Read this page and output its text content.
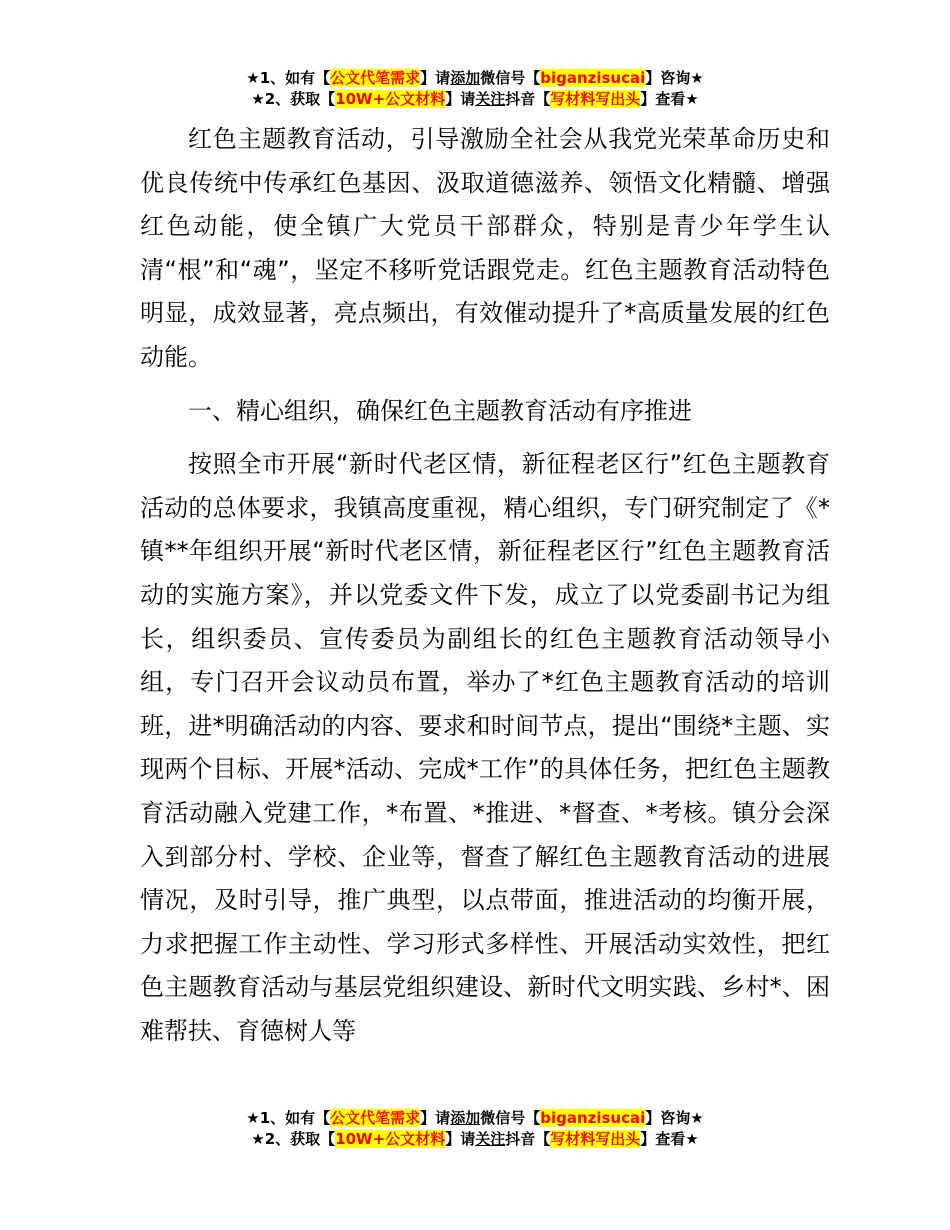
★1、如有【公文代笔需求】请添加微信号【biganzisucai】咨询★
★2、获取【10W+公文材料】请关注抖音【写材料写出头】查看★

红色主题教育活动，引导激励全社会从我党光荣革命历史和优良传统中传承红色基因、汲取道德滋养、领悟文化精髓、增强红色动能，使全镇广大党员干部群众，特别是青少年学生认清“根”和“魂”，坚定不移听党话跟党走。红色主题教育活动特色明显，成效显著，亮点频出，有效催动提升了*高质量发展的红色动能。

一、精心组织，确保红色主题教育活动有序推进

按照全市开展“新时代老区情，新征程老区行”红色主题教育活动的总体要求，我镇高度重视，精心组织，专门研究制定了《*镇**年组织开展“新时代老区情，新征程老区行”红色主题教育活动的实施方案》，并以党委文件下发，成立了以党委副书记为组长，组织委员、宣传委员为副组长的红色主题教育活动领导小组，专门召开会议动员布置，举办了*红色主题教育活动的培训班，进*明确活动的内容、要求和时间节点，提出“围绕*主题、实现两个目标、开展*活动、完成*工作”的具体任务，把红色主题教育活动融入党建工作，*布置、*推进、*督查、*考核。镇分会深入到部分村、学校、企业等，督查了解红色主题教育活动的进展情况，及时引导，推广典型，以点带面，推进活动的均衡开展，力求把握工作主动性、学习形式多样性、开展活动实效性，把红色主题教育活动与基层党组织建设、新时代文明实践、乡村*、困难帮扶、育德树人等

★1、如有【公文代笔需求】请添加微信号【biganzisucai】咨询★
★2、获取【10W+公文材料】请关注抖音【写材料写出头】查看★
